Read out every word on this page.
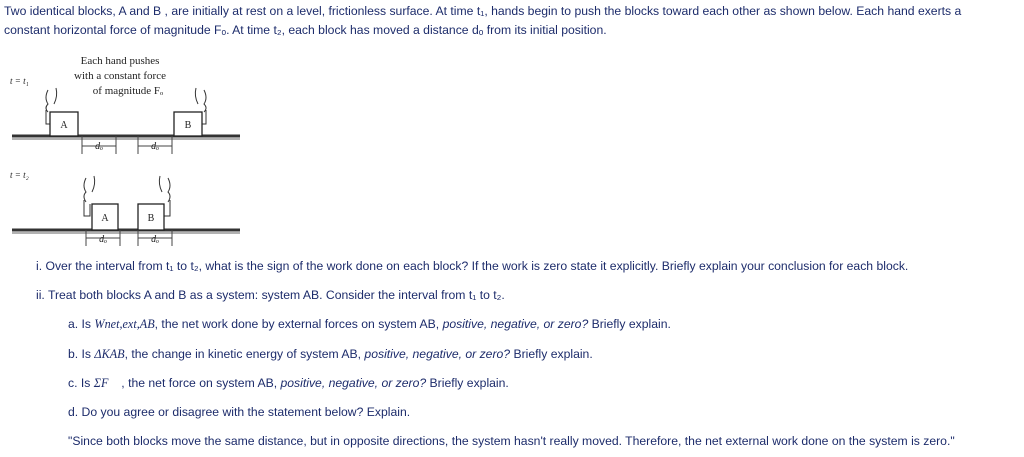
Two identical blocks, A and B , are initially at rest on a level, frictionless surface. At time t₁, hands begin to push the blocks toward each other as shown below. Each hand exerts a
constant horizontal force of magnitude Fₒ. At time t₂, each block has moved a distance dₒ from its initial position.
Each hand pushes
with a constant force
of magnitude Fₒ
t = t₁
t = t₂
A	B
dₒ	dₒ
A	B
dₒ	dₒ
i. Over the interval from t₁ to t₂, what is the sign of the work done on each block? If the work is zero state it explicitly. Briefly explain your conclusion for each block.
ii. Treat both blocks A and B as a system: system AB. Consider the interval from t₁ to t₂.
a. Is Wnet,ext,AB, the net work done by external forces on system AB, positive, negative, or zero? Briefly explain.
b. Is ΔKAB, the change in kinetic energy of system AB, positive, negative, or zero? Briefly explain.
c. Is ΣF⃗ , the net force on system AB, positive, negative, or zero? Briefly explain.
d. Do you agree or disagree with the statement below? Explain.
"Since both blocks move the same distance, but in opposite directions, the system hasn't really moved. Therefore, the net external work done on the system is zero."
